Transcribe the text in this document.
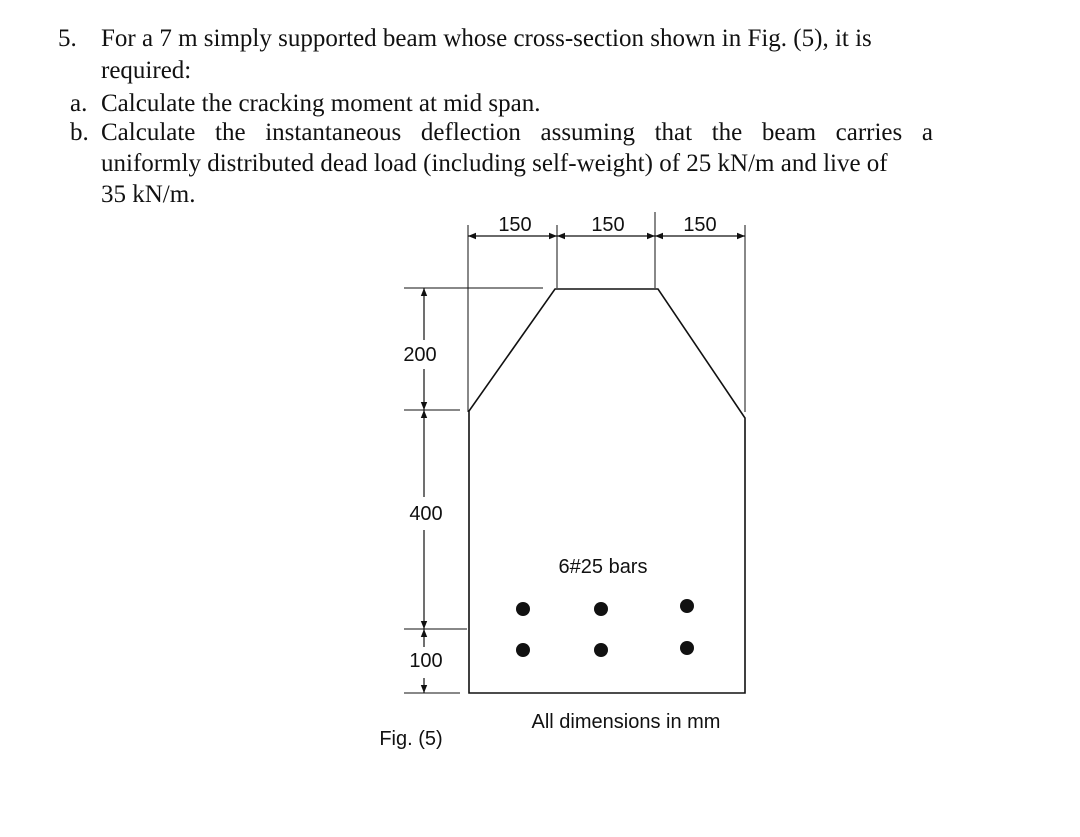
5. For a 7 m simply supported beam whose cross-section shown in Fig. (5), it is
required:
a. Calculate the cracking moment at mid span.
b. Calculate the instantaneous deflection assuming that the beam carries a
uniformly distributed dead load (including self-weight) of 25 kN/m and live of
35 kN/m.
150	150	150
200
400
100
6#25 bars
All dimensions in mm
Fig. (5)
